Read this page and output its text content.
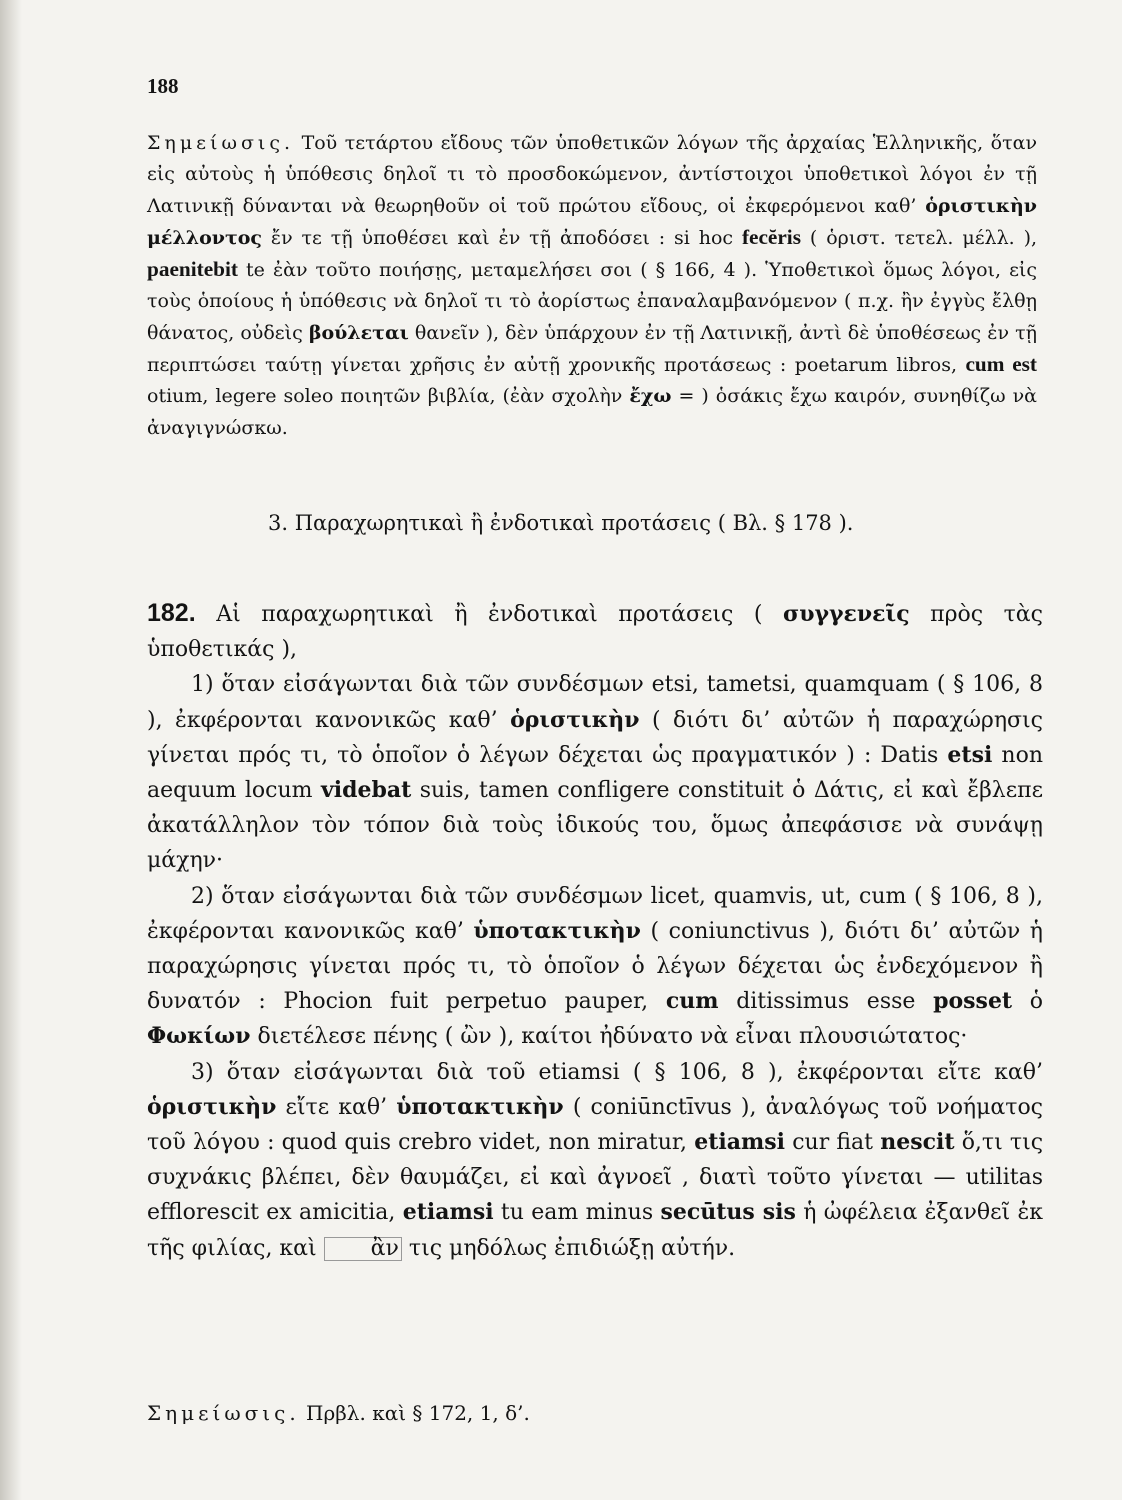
188
Σημείωσις. Τοῦ τετάρτου εἴδους τῶν ὑποθετικῶν λόγων τῆς ἀρχαίας Ἑλληνικῆς, ὅταν εἰς αὐτοὺς ἡ ὑπόθεσις δηλοῖ τι τὸ προσδοκώμενον, ἀντίστοιχοι ὑποθετικοὶ λόγοι ἐν τῇ Λατινικῇ δύνανται νὰ θεωρηθοῦν οἱ τοῦ πρώτου εἴδους, οἱ ἐκφερόμενοι καθ’ ὁριστικὴν μέλλοντος ἔν τε τῇ ὑποθέσει καὶ ἐν τῇ ἀποδόσει : si hoc fecĕris ( ὁριστ. τετελ. μέλλ. ), paenitebit te ἐὰν τοῦτο ποιήσῃς, μεταμελήσει σοι ( § 166, 4 ). Ὑποθετικοὶ ὅμως λόγοι, εἰς τοὺς ὁποίους ἡ ὑπόθεσις νὰ δηλοῖ τι τὸ ἀορίστως ἐπαναλαμβανόμενον ( π.χ. ἢν ἐγγὺς ἔλθῃ θάνατος, οὐδεὶς βούλεται θανεῖν ), δὲν ὑπάρχουν ἐν τῇ Λατινικῇ, ἀντὶ δὲ ὑποθέσεως ἐν τῇ περιπτώσει ταύτῃ γίνεται χρῆσις ἐν αὐτῇ χρονικῆς προτάσεως : poetarum libros, cum est otium, legere soleo ποιητῶν βιβλία, (ἐὰν σχολὴν ἔχω = ) ὁσάκις ἔχω καιρόν, συνηθίζω νὰ ἀναγιγνώσκω.
3. Παραχωρητικαὶ ἢ ἐνδοτικαὶ προτάσεις ( Βλ. § 178 ).

182. Αἱ παραχωρητικαὶ ἢ ἐνδοτικαὶ προτάσεις ( συγγενεῖς πρὸς τὰς ὑποθετικάς ),

1) ὅταν εἰσάγωνται διὰ τῶν συνδέσμων etsi, tametsi, quamquam ( § 106, 8 ), ἐκφέρονται κανονικῶς καθ’ ὁριστικὴν ( διότι δι’ αὐτῶν ἡ παραχώρησις γίνεται πρός τι, τὸ ὁποῖον ὁ λέγων δέχεται ὡς πραγματικόν ) : Datis etsi non aequum locum videbat suis, tamen confligere constituit ὁ Δάτις, εἰ καὶ ἔβλεπε ἀκατάλληλον τὸν τόπον διὰ τοὺς ἰδικούς του, ὅμως ἀπεφάσισε νὰ συνάψῃ μάχην·

2) ὅταν εἰσάγωνται διὰ τῶν συνδέσμων licet, quamvis, ut, cum ( § 106, 8 ), ἐκφέρονται κανονικῶς καθ’ ὑποτακτικὴν ( coniunctivus ), διότι δι’ αὐτῶν ἡ παραχώρησις γίνεται πρός τι, τὸ ὁποῖον ὁ λέγων δέχεται ὡς ἐνδεχόμενον ἢ δυνατόν : Phocion fuit perpetuo pauper, cum ditissimus esse posset ὁ Φωκίων διετέλεσε πένης ( ὢν ), καίτοι ἠδύνατο νὰ εἶναι πλουσιώτατος·

3) ὅταν εἰσάγωνται διὰ τοῦ etiamsi ( § 106, 8 ), ἐκφέρονται εἴτε καθ’ ὁριστικὴν εἴτε καθ’ ὑποτακτικὴν ( coniūnctīvus ), ἀναλόγως τοῦ νοήματος τοῦ λόγου : quod quis crebro videt, non miratur, etiamsi cur fiat nescit ὅ,τι τις συχνάκις βλέπει, δὲν θαυμάζει, εἰ καὶ ἀγνοεῖ , διατὶ τοῦτο γίνεται — utilitas efflorescit ex amicitia, etiamsi tu eam minus secūtus sis ἡ ὠφέλεια ἐξανθεῖ ἐκ τῆς φιλίας, καὶ ἂν τις μηδόλως ἐπιδιώξῃ αὐτήν.

Σημείωσις. Πρβλ. καὶ § 172, 1, δ’.
